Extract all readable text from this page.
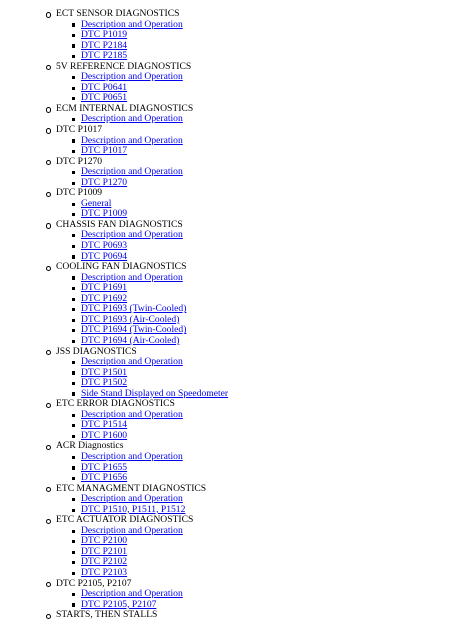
ECT SENSOR DIAGNOSTICS
Description and Operation
DTC P1019
DTC P2184
DTC P2185
5V REFERENCE DIAGNOSTICS
Description and Operation
DTC P0641
DTC P0651
ECM INTERNAL DIAGNOSTICS
Description and Operation
DTC P1017
Description and Operation
DTC P1017
DTC P1270
Description and Operation
DTC P1270
DTC P1009
General
DTC P1009
CHASSIS FAN DIAGNOSTICS
Description and Operation
DTC P0693
DTC P0694
COOLING FAN DIAGNOSTICS
Description and Operation
DTC P1691
DTC P1692
DTC P1693 (Twin-Cooled)
DTC P1693 (Air-Cooled)
DTC P1694 (Twin-Cooled)
DTC P1694 (Air-Cooled)
JSS DIAGNOSTICS
Description and Operation
DTC P1501
DTC P1502
Side Stand Displayed on Speedometer
ETC ERROR DIAGNOSTICS
Description and Operation
DTC P1514
DTC P1600
ACR Diagnostics
Description and Operation
DTC P1655
DTC P1656
ETC MANAGMENT DIAGNOSTICS
Description and Operation
DTC P1510, P1511, P1512
ETC ACTUATOR DIAGNOSTICS
Description and Operation
DTC P2100
DTC P2101
DTC P2102
DTC P2103
DTC P2105, P2107
Description and Operation
DTC P2105, P2107
STARTS, THEN STALLS
